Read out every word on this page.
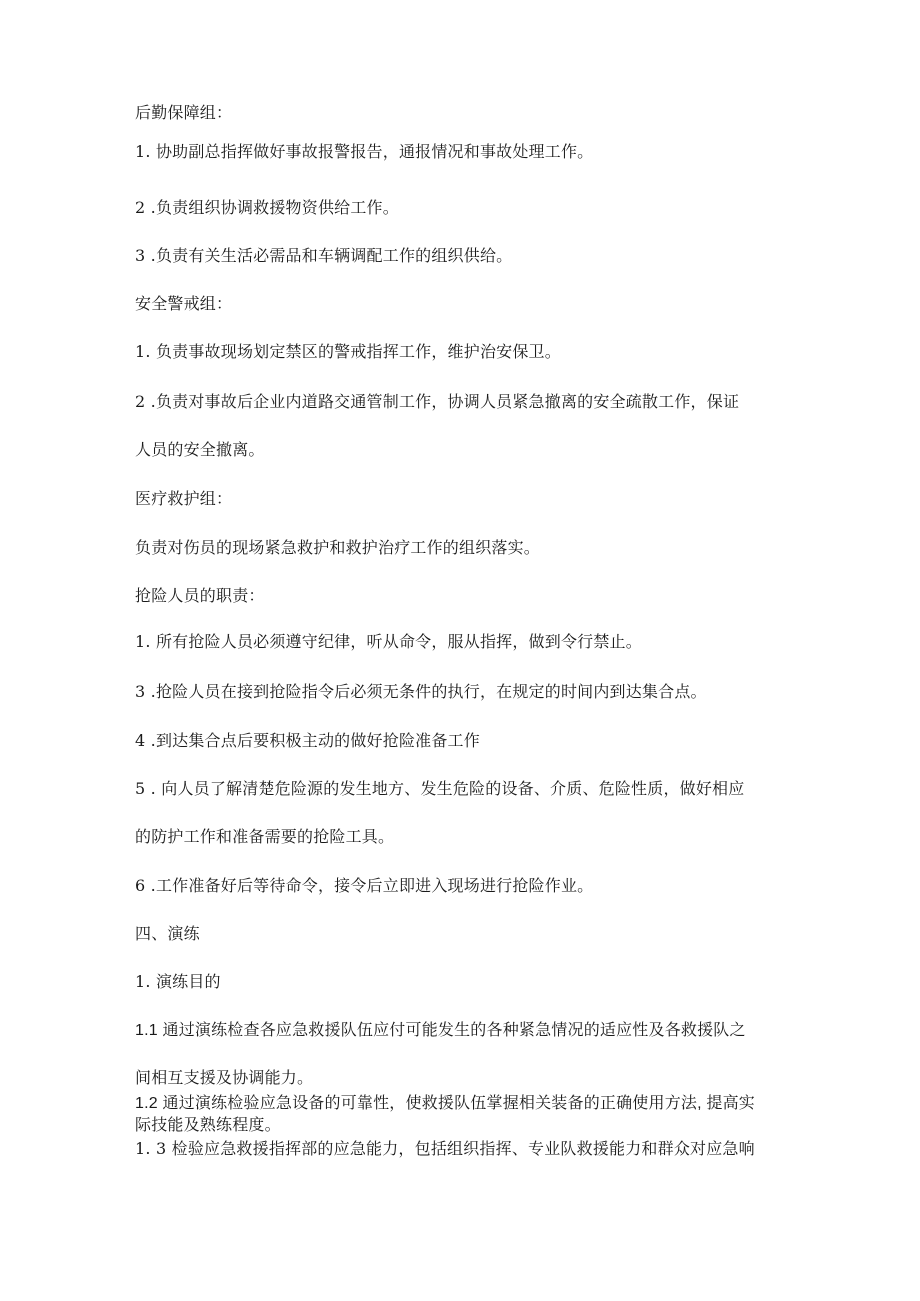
后勤保障组：
1. 协助副总指挥做好事故报警报告，通报情况和事故处理工作。
2 .负责组织协调救援物资供给工作。
3 .负责有关生活必需品和车辆调配工作的组织供给。
安全警戒组：
1. 负责事故现场划定禁区的警戒指挥工作，维护治安保卫。
2 .负责对事故后企业内道路交通管制工作，协调人员紧急撤离的安全疏散工作，保证
人员的安全撤离。
医疗救护组：
负责对伤员的现场紧急救护和救护治疗工作的组织落实。
抢险人员的职责：
1. 所有抢险人员必须遵守纪律，听从命令，服从指挥，做到令行禁止。
3 .抢险人员在接到抢险指令后必须无条件的执行，在规定的时间内到达集合点。
4 .到达集合点后要积极主动的做好抢险准备工作
5 . 向人员了解清楚危险源的发生地方、发生危险的设备、介质、危险性质，做好相应
的防护工作和准备需要的抢险工具。
6 .工作准备好后等待命令，接令后立即进入现场进行抢险作业。
四、演练
1. 演练目的
1.1 通过演练检查各应急救援队伍应付可能发生的各种紧急情况的适应性及各救援队之
间相互支援及协调能力。
1.2 通过演练检验应急设备的可靠性，使救援队伍掌握相关装备的正确使用方法, 提高实
际技能及熟练程度。
1. 3 检验应急救援指挥部的应急能力，包括组织指挥、专业队救援能力和群众对应急响
